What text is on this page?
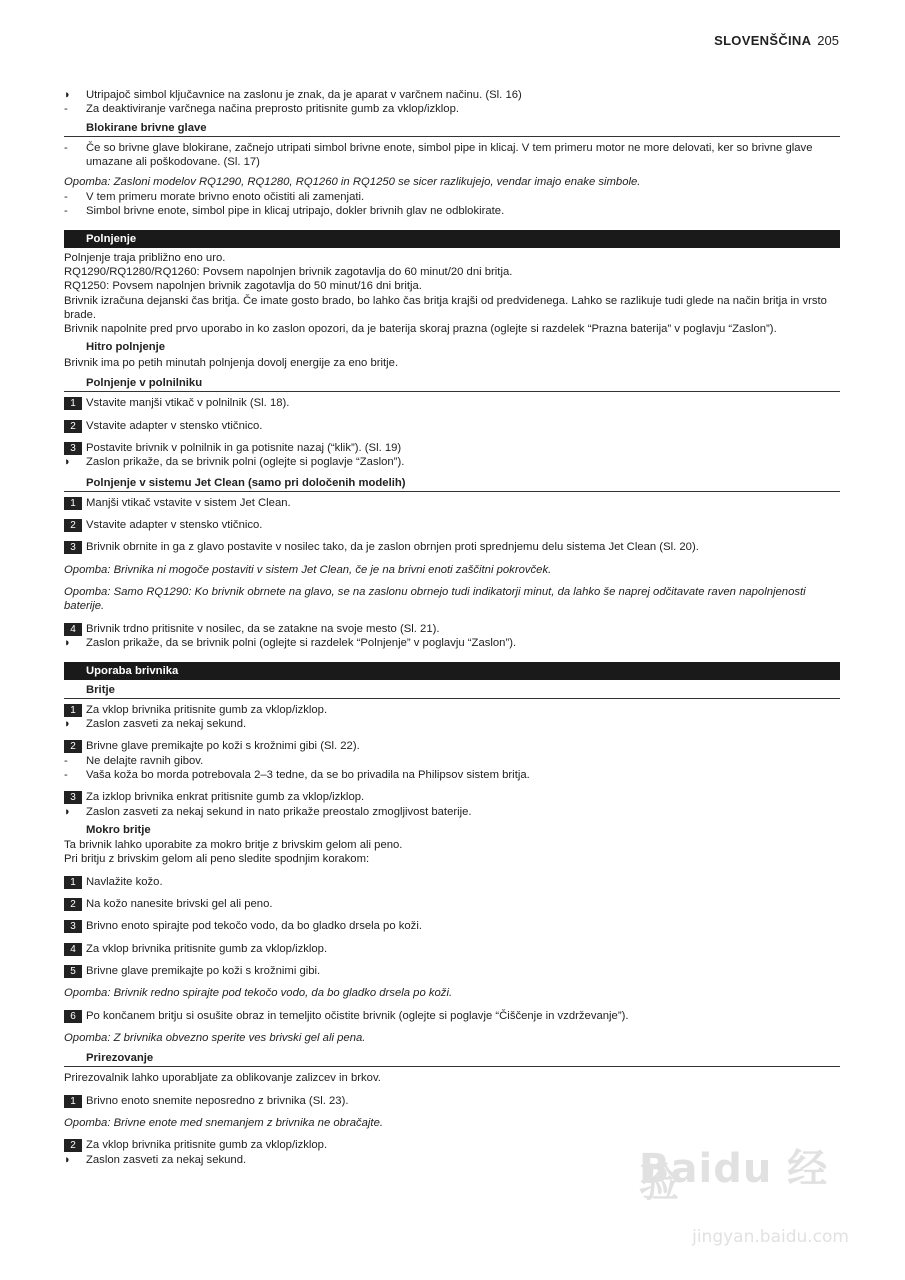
SLOVENŠČINA 205
◗	Utripajoč simbol ključavnice na zaslonu je znak, da je aparat v varčnem načinu. (Sl. 16)
-	Za deaktiviranje varčnega načina preprosto pritisnite gumb za vklop/izklop.
Blokirane brivne glave
-	Če so brivne glave blokirane, začnejo utripati simbol brivne enote, simbol pipe in klicaj. V tem primeru motor ne more delovati, ker so brivne glave umazane ali poškodovane. (Sl. 17)
Opomba: Zasloni modelov RQ1290, RQ1280, RQ1260 in RQ1250 se sicer razlikujejo, vendar imajo enake simbole.
-	V tem primeru morate brivno enoto očistiti ali zamenjati.
-	Simbol brivne enote, simbol pipe in klicaj utripajo, dokler brivnih glav ne odblokirate.
Polnjenje
Polnjenje traja približno eno uro.
RQ1290/RQ1280/RQ1260: Povsem napolnjen brivnik zagotavlja do 60 minut/20 dni britja.
RQ1250: Povsem napolnjen brivnik zagotavlja do 50 minut/16 dni britja.
Brivnik izračuna dejanski čas britja. Če imate gosto brado, bo lahko čas britja krajši od predvidenega. Lahko se razlikuje tudi glede na način britja in vrsto brade.
Brivnik napolnite pred prvo uporabo in ko zaslon opozori, da je baterija skoraj prazna (oglejte si razdelek “Prazna baterija” v poglavju “Zaslon”).
Hitro polnjenje
Brivnik ima po petih minutah polnjenja dovolj energije za eno britje.
Polnjenje v polnilniku
1 Vstavite manjši vtikač v polnilnik (Sl. 18).
2 Vstavite adapter v stensko vtičnico.
3 Postavite brivnik v polnilnik in ga potisnite nazaj (“klik”). (Sl. 19)
◗	Zaslon prikaže, da se brivnik polni (oglejte si poglavje “Zaslon”).
Polnjenje v sistemu Jet Clean (samo pri določenih modelih)
1 Manjši vtikač vstavite v sistem Jet Clean.
2 Vstavite adapter v stensko vtičnico.
3 Brivnik obrnite in ga z glavo postavite v nosilec tako, da je zaslon obrnjen proti sprednjemu delu sistema Jet Clean (Sl. 20).
Opomba: Brivnika ni mogoče postaviti v sistem Jet Clean, če je na brivni enoti zaščitni pokrovček.
Opomba: Samo RQ1290: Ko brivnik obrnete na glavo, se na zaslonu obrnejo tudi indikatorji minut, da lahko še naprej odčitavate raven napolnjenosti baterije.
4 Brivnik trdno pritisnite v nosilec, da se zatakne na svoje mesto (Sl. 21).
◗	Zaslon prikaže, da se brivnik polni (oglejte si razdelek “Polnjenje” v poglavju “Zaslon”).
Uporaba brivnika
Britje
1 Za vklop brivnika pritisnite gumb za vklop/izklop.
◗	Zaslon zasveti za nekaj sekund.
2 Brivne glave premikajte po koži s krožnimi gibi (Sl. 22).
-	Ne delajte ravnih gibov.
-	Vaša koža bo morda potrebovala 2–3 tedne, da se bo privadila na Philipsov sistem britja.
3 Za izklop brivnika enkrat pritisnite gumb za vklop/izklop.
◗	Zaslon zasveti za nekaj sekund in nato prikaže preostalo zmogljivost baterije.
Mokro britje
Ta brivnik lahko uporabite za mokro britje z brivskim gelom ali peno.
Pri britju z brivskim gelom ali peno sledite spodnjim korakom:
1 Navlažite kožo.
2 Na kožo nanesite brivski gel ali peno.
3 Brivno enoto spirajte pod tekočo vodo, da bo gladko drsela po koži.
4 Za vklop brivnika pritisnite gumb za vklop/izklop.
5 Brivne glave premikajte po koži s krožnimi gibi.
Opomba: Brivnik redno spirajte pod tekočo vodo, da bo gladko drsela po koži.
6 Po končanem britju si osušite obraz in temeljito očistite brivnik (oglejte si poglavje “Čiščenje in vzdrževanje”).
Opomba: Z brivnika obvezno sperite ves brivski gel ali pena.
Prirezovanje
Prirezovalnik lahko uporabljate za oblikovanje zalizcev in brkov.
1 Brivno enoto snemite neposredno z brivnika (Sl. 23).
Opomba: Brivne enote med snemanjem z brivnika ne obračajte.
2 Za vklop brivnika pritisnite gumb za vklop/izklop.
◗	Zaslon zasveti za nekaj sekund.	Baidu 经验
jingyan.baidu.com
